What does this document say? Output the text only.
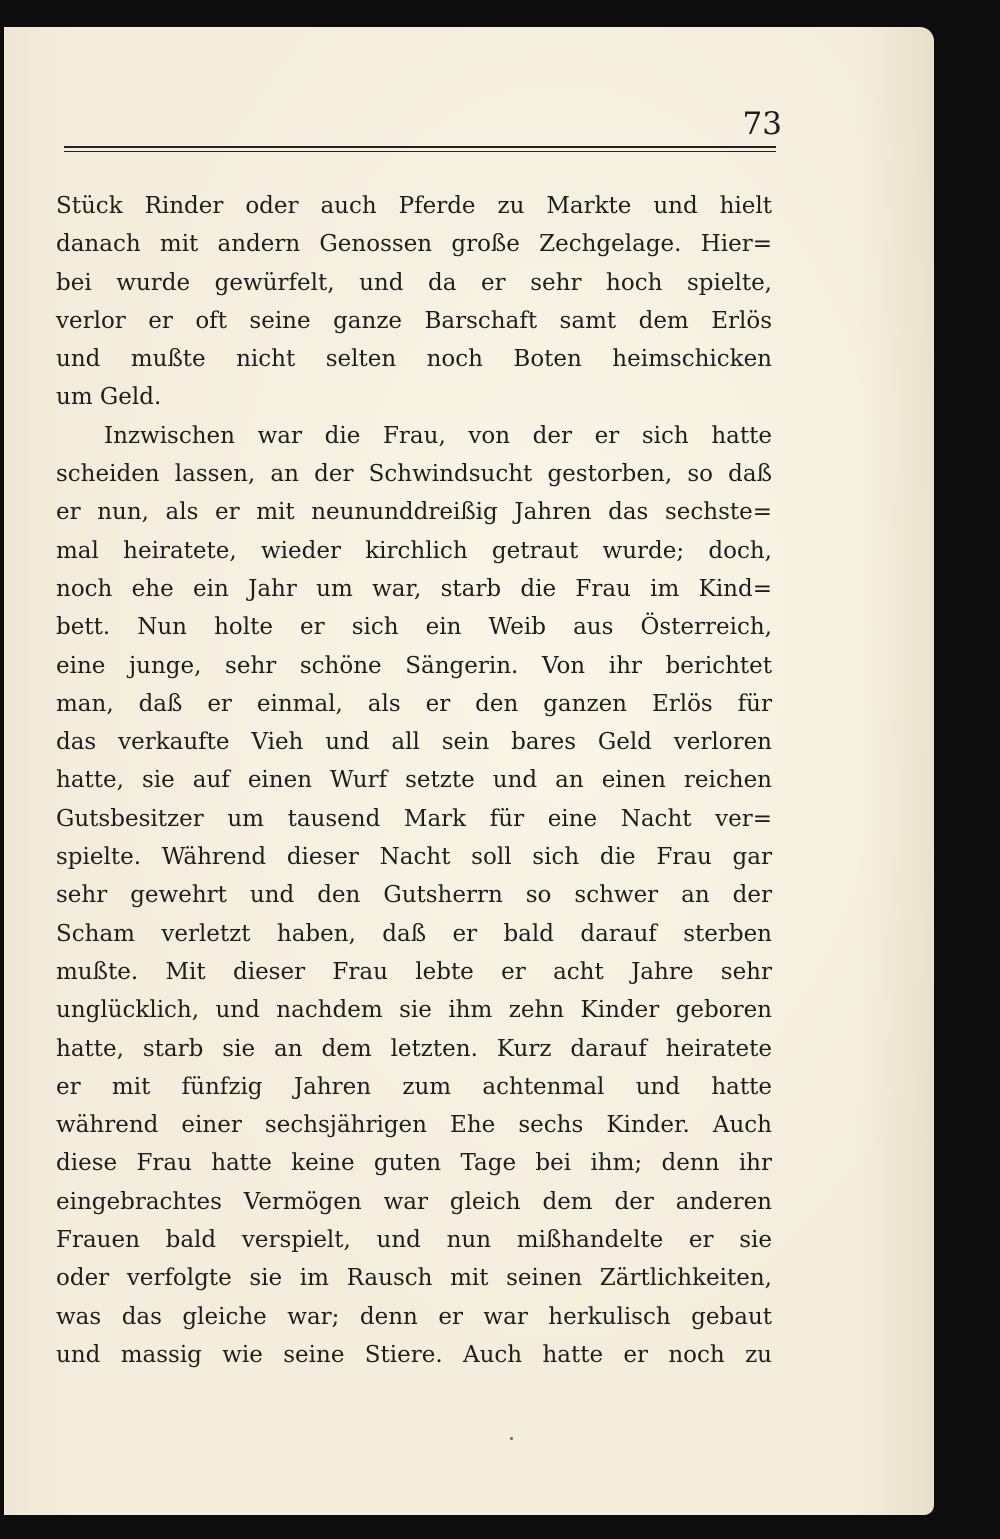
73
Stück Rinder oder auch Pferde zu Markte und hielt
danach mit andern Genossen große Zechgelage. Hier=
bei wurde gewürfelt, und da er sehr hoch spielte,
verlor er oft seine ganze Barschaft samt dem Erlös
und mußte nicht selten noch Boten heimschicken
um Geld.
Inzwischen war die Frau, von der er sich hatte
scheiden lassen, an der Schwindsucht gestorben, so daß
er nun, als er mit neununddreißig Jahren das sechste=
mal heiratete, wieder kirchlich getraut wurde; doch,
noch ehe ein Jahr um war, starb die Frau im Kind=
bett. Nun holte er sich ein Weib aus Österreich,
eine junge, sehr schöne Sängerin. Von ihr berichtet
man, daß er einmal, als er den ganzen Erlös für
das verkaufte Vieh und all sein bares Geld verloren
hatte, sie auf einen Wurf setzte und an einen reichen
Gutsbesitzer um tausend Mark für eine Nacht ver=
spielte. Während dieser Nacht soll sich die Frau gar
sehr gewehrt und den Gutsherrn so schwer an der
Scham verletzt haben, daß er bald darauf sterben
mußte. Mit dieser Frau lebte er acht Jahre sehr
unglücklich, und nachdem sie ihm zehn Kinder geboren
hatte, starb sie an dem letzten. Kurz darauf heiratete
er mit fünfzig Jahren zum achtenmal und hatte
während einer sechsjährigen Ehe sechs Kinder. Auch
diese Frau hatte keine guten Tage bei ihm; denn ihr
eingebrachtes Vermögen war gleich dem der anderen
Frauen bald verspielt, und nun mißhandelte er sie
oder verfolgte sie im Rausch mit seinen Zärtlichkeiten,
was das gleiche war; denn er war herkulisch gebaut
und massig wie seine Stiere. Auch hatte er noch zu
